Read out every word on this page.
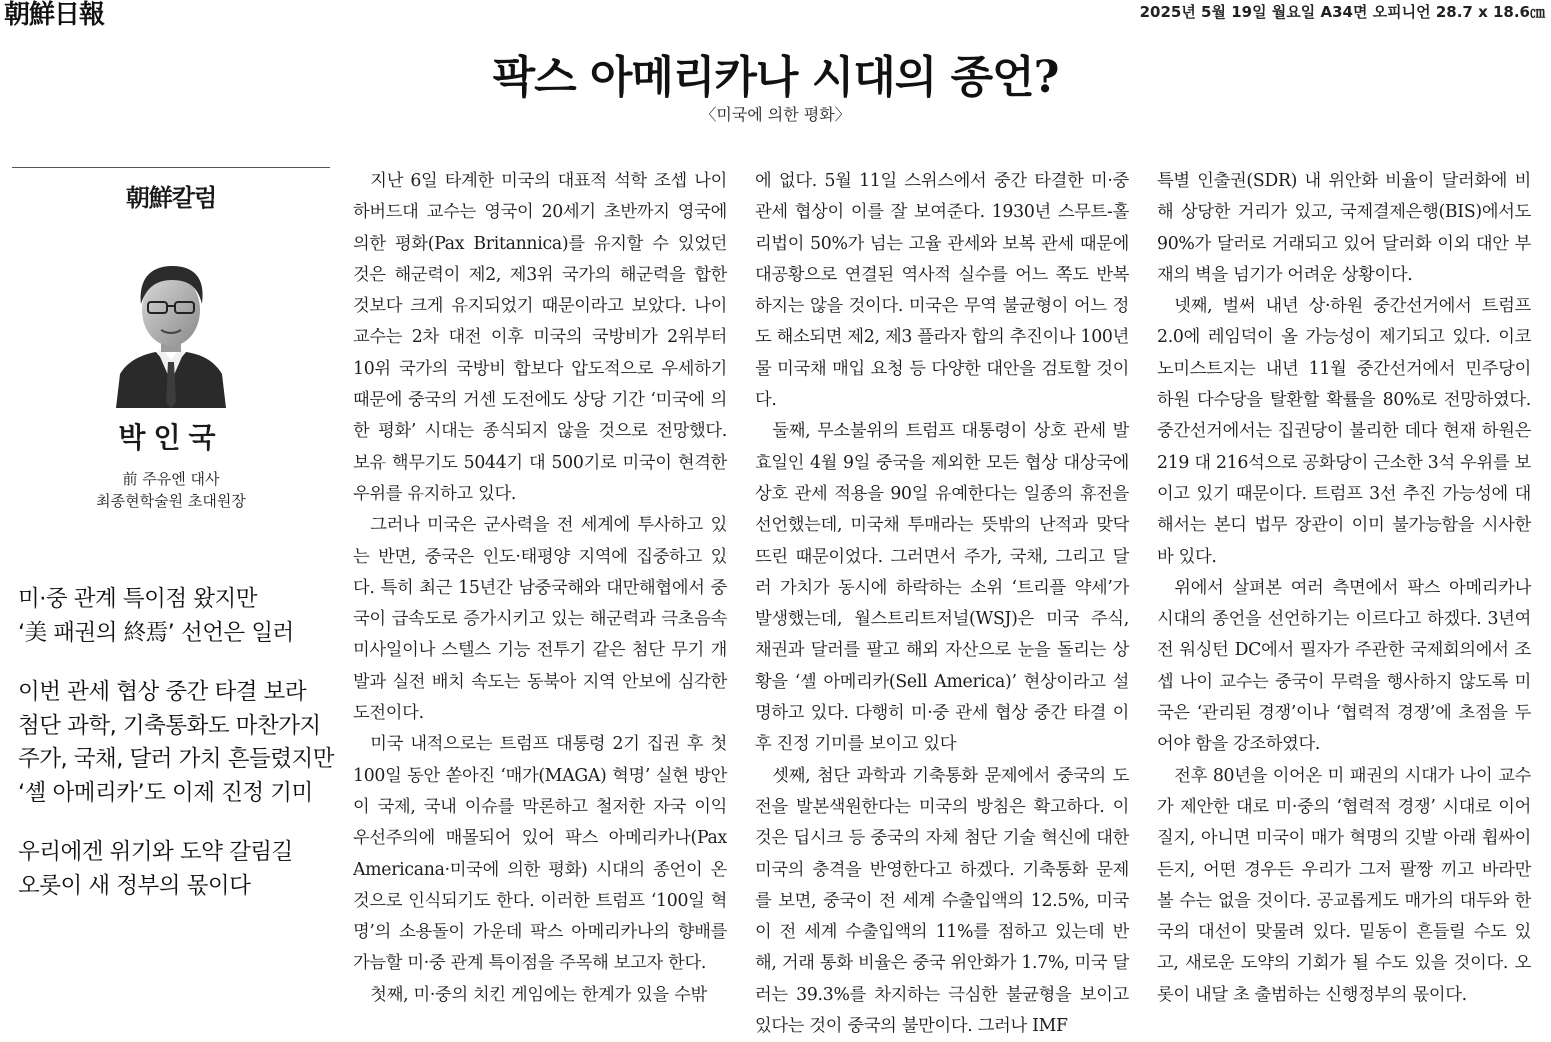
朝鮮日報	2025년 5월 19일 월요일 A34면 오피니언 28.7 x 18.6㎝
팍스 아메리카나 시대의 종언?
〈미국에 의한 평화〉
朝鮮칼럼
박인국
前 주유엔 대사
최종현학술원 초대원장
미·중 관계 특이점 왔지만
‘美 패권의 終焉’ 선언은 일러
이번 관세 협상 중간 타결 보라
첨단 과학, 기축통화도 마찬가지
주가, 국채, 달러 가치 흔들렸지만
‘셸 아메리카’도 이제 진정 기미
우리에겐 위기와 도약 갈림길
오롯이 새 정부의 몫이다

지난 6일 타계한 미국의 대표적 석학 조셉 나이 하버드대 교수는 영국이 20세기 초반까지 영국에 의한 평화(Pax Britannica)를 유지할 수 있었던 것은 해군력이 제2, 제3위 국가의 해군력을 합한 것보다 크게 유지되었기 때문이라고 보았다. 나이 교수는 2차 대전 이후 미국의 국방비가 2위부터 10위 국가의 국방비 합보다 압도적으로 우세하기 때문에 중국의 거센 도전에도 상당 기간 ‘미국에 의한 평화’ 시대는 종식되지 않을 것으로 전망했다. 보유 핵무기도 5044기 대 500기로 미국이 현격한 우위를 유지하고 있다.

그러나 미국은 군사력을 전 세계에 투사하고 있는 반면, 중국은 인도·태평양 지역에 집중하고 있다. 특히 최근 15년간 남중국해와 대만해협에서 중국이 급속도로 증가시키고 있는 해군력과 극초음속 미사일이나 스텔스 기능 전투기 같은 첨단 무기 개발과 실전 배치 속도는 동북아 지역 안보에 심각한 도전이다.

미국 내적으로는 트럼프 대통령 2기 집권 후 첫 100일 동안 쏟아진 ‘매가(MAGA) 혁명’ 실현 방안이 국제, 국내 이슈를 막론하고 철저한 자국 이익 우선주의에 매몰되어 있어 팍스 아메리카나(Pax Americana·미국에 의한 평화) 시대의 종언이 온 것으로 인식되기도 한다. 이러한 트럼프 ‘100일 혁명’의 소용돌이 가운데 팍스 아메리카나의 향배를 가늠할 미·중 관계 특이점을 주목해 보고자 한다.

첫째, 미·중의 치킨 게임에는 한계가 있을 수밖

에 없다. 5월 11일 스위스에서 중간 타결한 미·중 관세 협상이 이를 잘 보여준다. 1930년 스무트-홀리법이 50%가 넘는 고율 관세와 보복 관세 때문에 대공황으로 연결된 역사적 실수를 어느 쪽도 반복하지는 않을 것이다. 미국은 무역 불균형이 어느 정도 해소되면 제2, 제3 플라자 합의 추진이나 100년물 미국채 매입 요청 등 다양한 대안을 검토할 것이다.

둘째, 무소불위의 트럼프 대통령이 상호 관세 발효일인 4월 9일 중국을 제외한 모든 협상 대상국에 상호 관세 적용을 90일 유예한다는 일종의 휴전을 선언했는데, 미국채 투매라는 뜻밖의 난적과 맞닥뜨린 때문이었다. 그러면서 주가, 국채, 그리고 달러 가치가 동시에 하락하는 소위 ‘트리플 약세’가 발생했는데, 월스트리트저널(WSJ)은 미국 주식, 채권과 달러를 팔고 해외 자산으로 눈을 돌리는 상황을 ‘셸 아메리카(Sell America)’ 현상이라고 설명하고 있다. 다행히 미·중 관세 협상 중간 타결 이후 진정 기미를 보이고 있다

셋째, 첨단 과학과 기축통화 문제에서 중국의 도전을 발본색원한다는 미국의 방침은 확고하다. 이것은 딥시크 등 중국의 자체 첨단 기술 혁신에 대한 미국의 충격을 반영한다고 하겠다. 기축통화 문제를 보면, 중국이 전 세계 수출입액의 12.5%, 미국이 전 세계 수출입액의 11%를 점하고 있는데 반해, 거래 통화 비율은 중국 위안화가 1.7%, 미국 달러는 39.3%를 차지하는 극심한 불균형을 보이고 있다는 것이 중국의 불만이다. 그러나 IMF

특별 인출권(SDR) 내 위안화 비율이 달러화에 비해 상당한 거리가 있고, 국제결제은행(BIS)에서도 90%가 달러로 거래되고 있어 달러화 이외 대안 부재의 벽을 넘기가 어려운 상황이다.

넷째, 벌써 내년 상·하원 중간선거에서 트럼프 2.0에 레임덕이 올 가능성이 제기되고 있다. 이코노미스트지는 내년 11월 중간선거에서 민주당이 하원 다수당을 탈환할 확률을 80%로 전망하였다. 중간선거에서는 집권당이 불리한 데다 현재 하원은 219 대 216석으로 공화당이 근소한 3석 우위를 보이고 있기 때문이다. 트럼프 3선 추진 가능성에 대해서는 본디 법무 장관이 이미 불가능함을 시사한 바 있다.

위에서 살펴본 여러 측면에서 팍스 아메리카나 시대의 종언을 선언하기는 이르다고 하겠다. 3년여 전 워싱턴 DC에서 필자가 주관한 국제회의에서 조셉 나이 교수는 중국이 무력을 행사하지 않도록 미국은 ‘관리된 경쟁’이나 ‘협력적 경쟁’에 초점을 두어야 함을 강조하였다.

전후 80년을 이어온 미 패권의 시대가 나이 교수가 제안한 대로 미·중의 ‘협력적 경쟁’ 시대로 이어질지, 아니면 미국이 매가 혁명의 깃발 아래 휩싸이든지, 어떤 경우든 우리가 그저 팔짱 끼고 바라만 볼 수는 없을 것이다. 공교롭게도 매가의 대두와 한국의 대선이 맞물려 있다. 밑동이 흔들릴 수도 있고, 새로운 도약의 기회가 될 수도 있을 것이다. 오롯이 내달 초 출범하는 신행정부의 몫이다.
